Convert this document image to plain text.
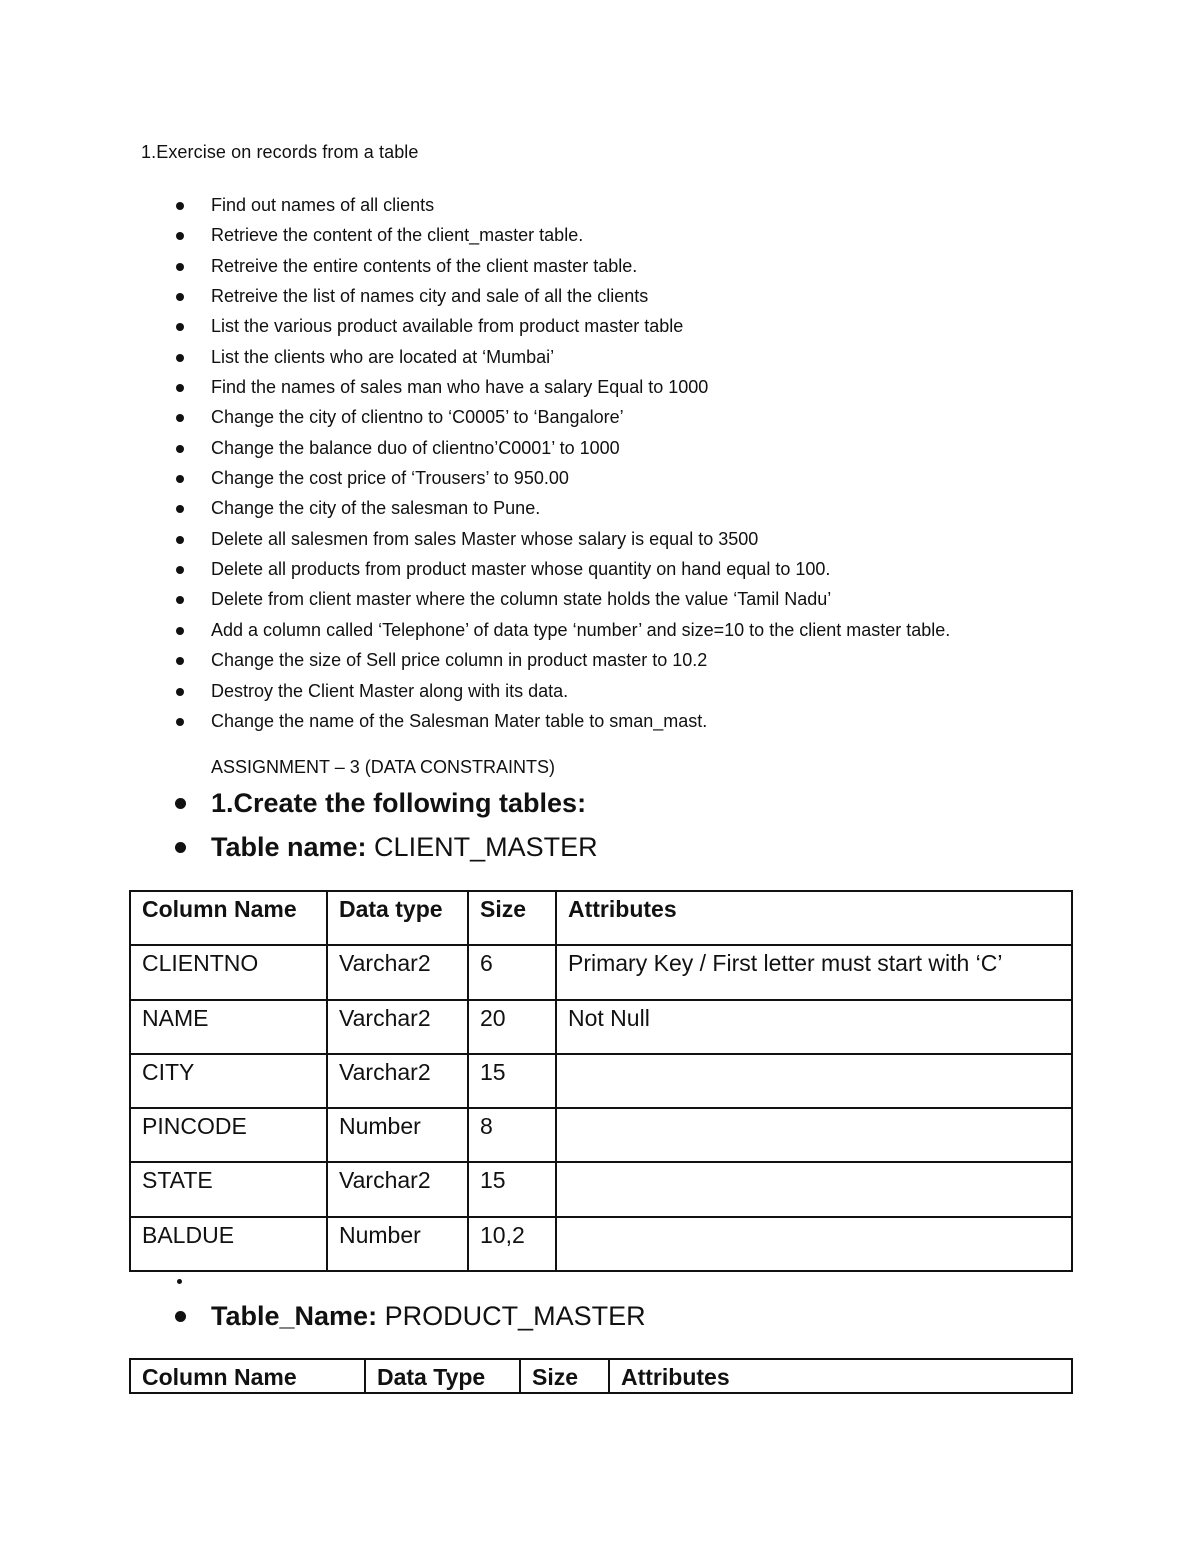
1.Exercise on records from a table
Find out names of all clients
Retrieve the content of the client_master table.
Retreive the entire contents of the client master table.
Retreive the list of names city and sale of all the clients
List the various product available from product master table
List the clients who are located at ‘Mumbai’
Find the names of sales man who have a salary Equal to 1000
Change the city of clientno to ‘C0005’ to ‘Bangalore’
Change the balance duo of clientno’C0001’ to 1000
Change the cost price of ‘Trousers’ to 950.00
Change the city of the salesman to Pune.
Delete all salesmen from sales Master whose salary is equal to 3500
Delete all products from product master whose quantity on hand equal to 100.
Delete from client master where the column state holds the value ‘Tamil Nadu’
Add a column called ‘Telephone’ of data type ‘number’ and size=10 to the client master table.
Change the size of Sell price column in product master to 10.2
Destroy the Client Master along with its data.
Change the name of the Salesman Mater table to sman_mast.
ASSIGNMENT – 3 (DATA CONSTRAINTS)
1.Create the following tables:
Table name: CLIENT_MASTER
Column Name	Data type	Size	Attributes
CLIENTNO	Varchar2	6	Primary Key / First letter must start with ‘C’
NAME	Varchar2	20	Not Null
CITY	Varchar2	15	
PINCODE	Number	8	
STATE	Varchar2	15	
BALDUE	Number	10,2	
Table_Name: PRODUCT_MASTER
Column Name	Data Type	Size	Attributes
